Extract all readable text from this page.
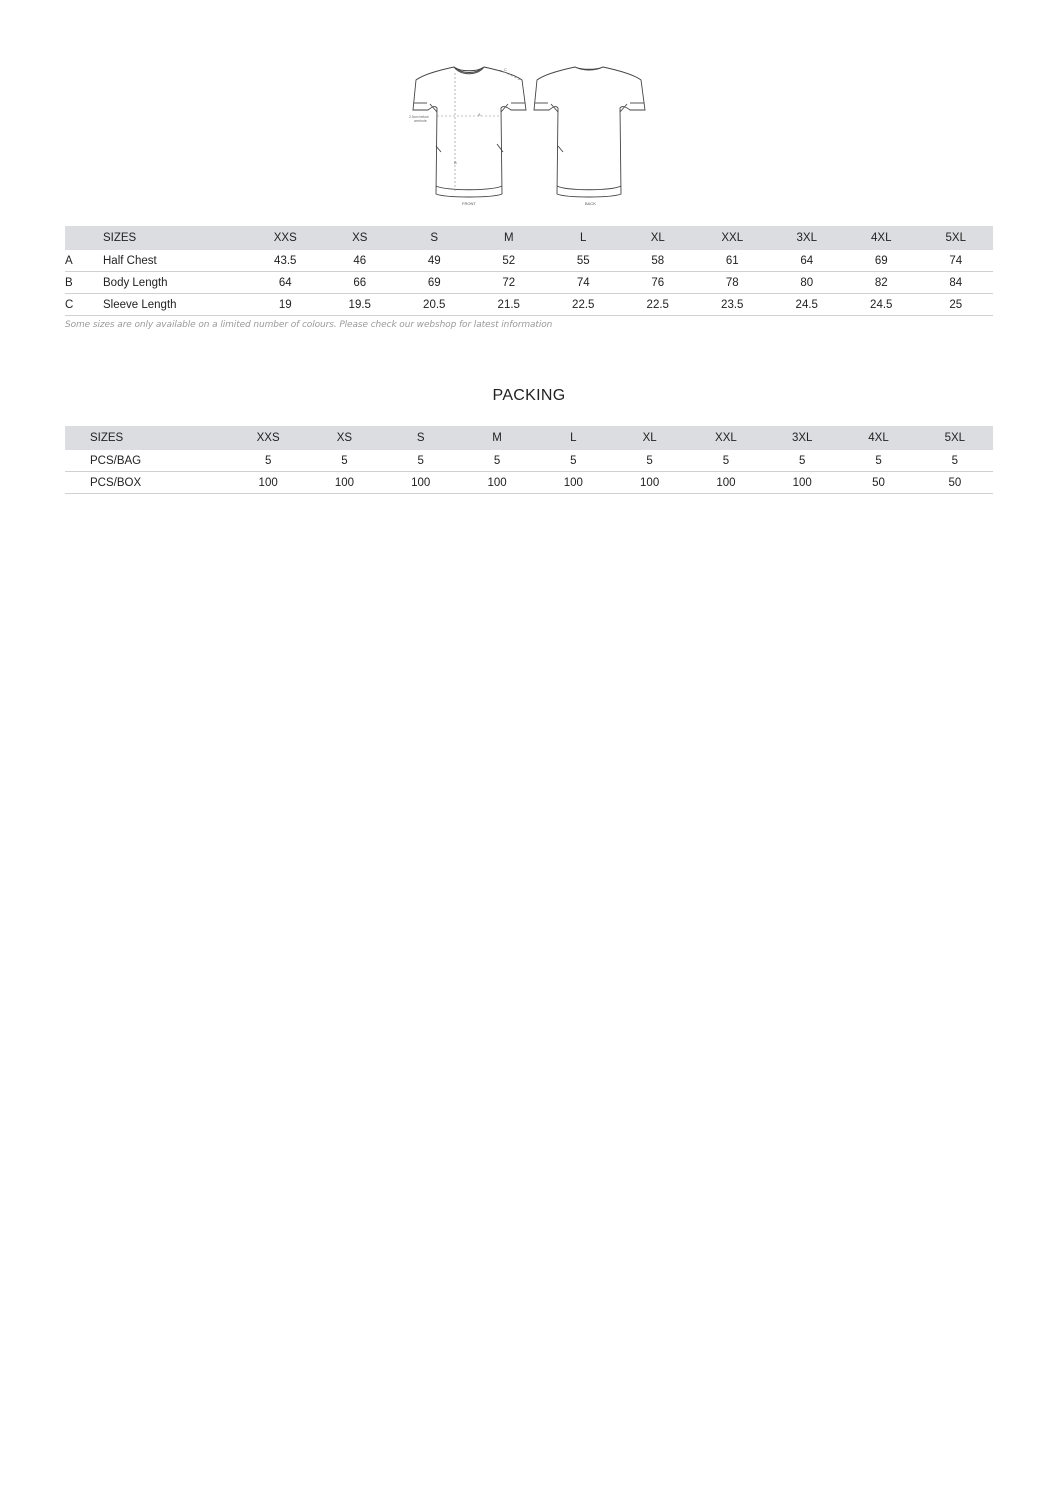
A
B
C
2.5cm below
armhole
FRONT	BACK
	SIZES	XXS	XS	S	M	L	XL	XXL	3XL	4XL	5XL
A	Half Chest	43.5	46	49	52	55	58	61	64	69	74
B	Body Length	64	66	69	72	74	76	78	80	82	84
C	Sleeve Length	19	19.5	20.5	21.5	22.5	22.5	23.5	24.5	24.5	25
Some sizes are only available on a limited number of colours. Please check our webshop for latest information
PACKING
SIZES	XXS	XS	S	M	L	XL	XXL	3XL	4XL	5XL
PCS/BAG	5	5	5	5	5	5	5	5	5	5
PCS/BOX	100	100	100	100	100	100	100	100	50	50
